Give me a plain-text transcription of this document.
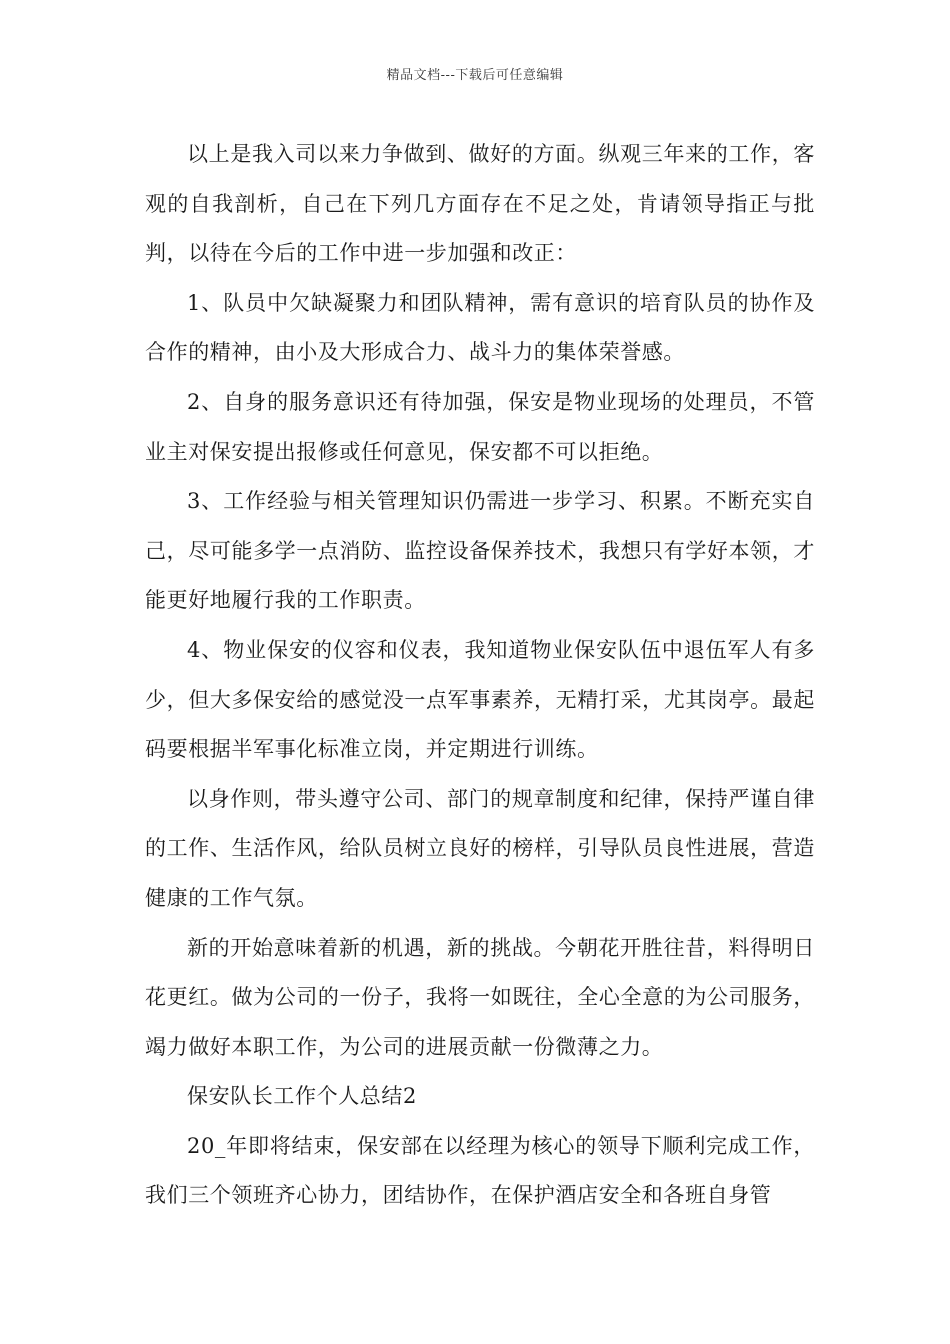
精品文档---下载后可任意编辑

以上是我入司以来力争做到、做好的方面。纵观三年来的工作，客观的自我剖析，自己在下列几方面存在不足之处，肯请领导指正与批判，以待在今后的工作中进一步加强和改正：

1、队员中欠缺凝聚力和团队精神，需有意识的培育队员的协作及合作的精神，由小及大形成合力、战斗力的集体荣誉感。

2、自身的服务意识还有待加强，保安是物业现场的处理员，不管业主对保安提出报修或任何意见，保安都不可以拒绝。

3、工作经验与相关管理知识仍需进一步学习、积累。不断充实自己，尽可能多学一点消防、监控设备保养技术，我想只有学好本领，才能更好地履行我的工作职责。

4、物业保安的仪容和仪表，我知道物业保安队伍中退伍军人有多少，但大多保安给的感觉没一点军事素养，无精打采，尤其岗亭。最起码要根据半军事化标准立岗，并定期进行训练。

以身作则，带头遵守公司、部门的规章制度和纪律，保持严谨自律的工作、生活作风，给队员树立良好的榜样，引导队员良性进展，营造健康的工作气氛。

新的开始意味着新的机遇，新的挑战。今朝花开胜往昔，料得明日花更红。做为公司的一份子，我将一如既往，全心全意的为公司服务，竭力做好本职工作，为公司的进展贡献一份微薄之力。

保安队长工作个人总结2

20_年即将结束，保安部在以经理为核心的领导下顺利完成工作，我们三个领班齐心协力，团结协作，在保护酒店安全和各班自身管
